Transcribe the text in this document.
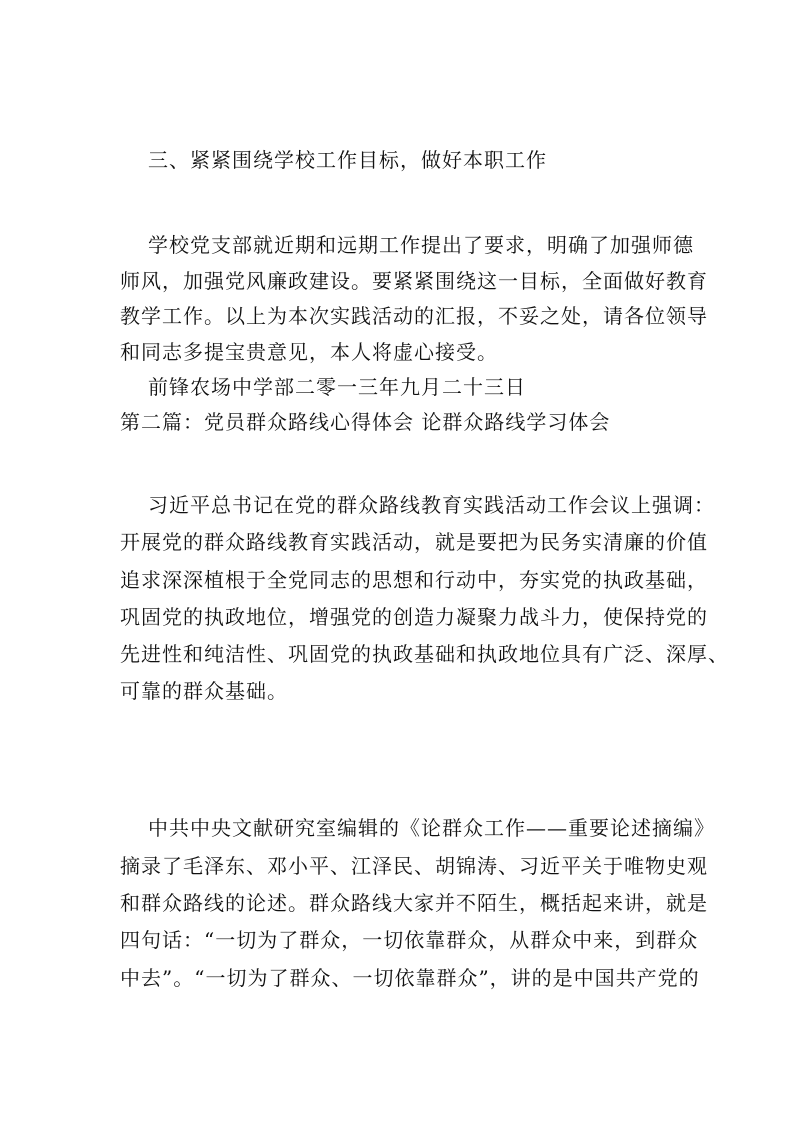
三、紧紧围绕学校工作目标，做好本职工作
学校党支部就近期和远期工作提出了要求，明确了加强师德
师风，加强党风廉政建设。要紧紧围绕这一目标，全面做好教育
教学工作。以上为本次实践活动的汇报，不妥之处，请各位领导
和同志多提宝贵意见，本人将虚心接受。
前锋农场中学部二零一三年九月二十三日
第二篇：党员群众路线心得体会 论群众路线学习体会
习近平总书记在党的群众路线教育实践活动工作会议上强调：
开展党的群众路线教育实践活动，就是要把为民务实清廉的价值
追求深深植根于全党同志的思想和行动中，夯实党的执政基础，
巩固党的执政地位，增强党的创造力凝聚力战斗力，使保持党的
先进性和纯洁性、巩固党的执政基础和执政地位具有广泛、深厚、
可靠的群众基础。
中共中央文献研究室编辑的《论群众工作——重要论述摘编》
摘录了毛泽东、邓小平、江泽民、胡锦涛、习近平关于唯物史观
和群众路线的论述。群众路线大家并不陌生，概括起来讲，就是
四句话：“一切为了群众，一切依靠群众，从群众中来，到群众
中去”。“一切为了群众、一切依靠群众”，讲的是中国共产党的
